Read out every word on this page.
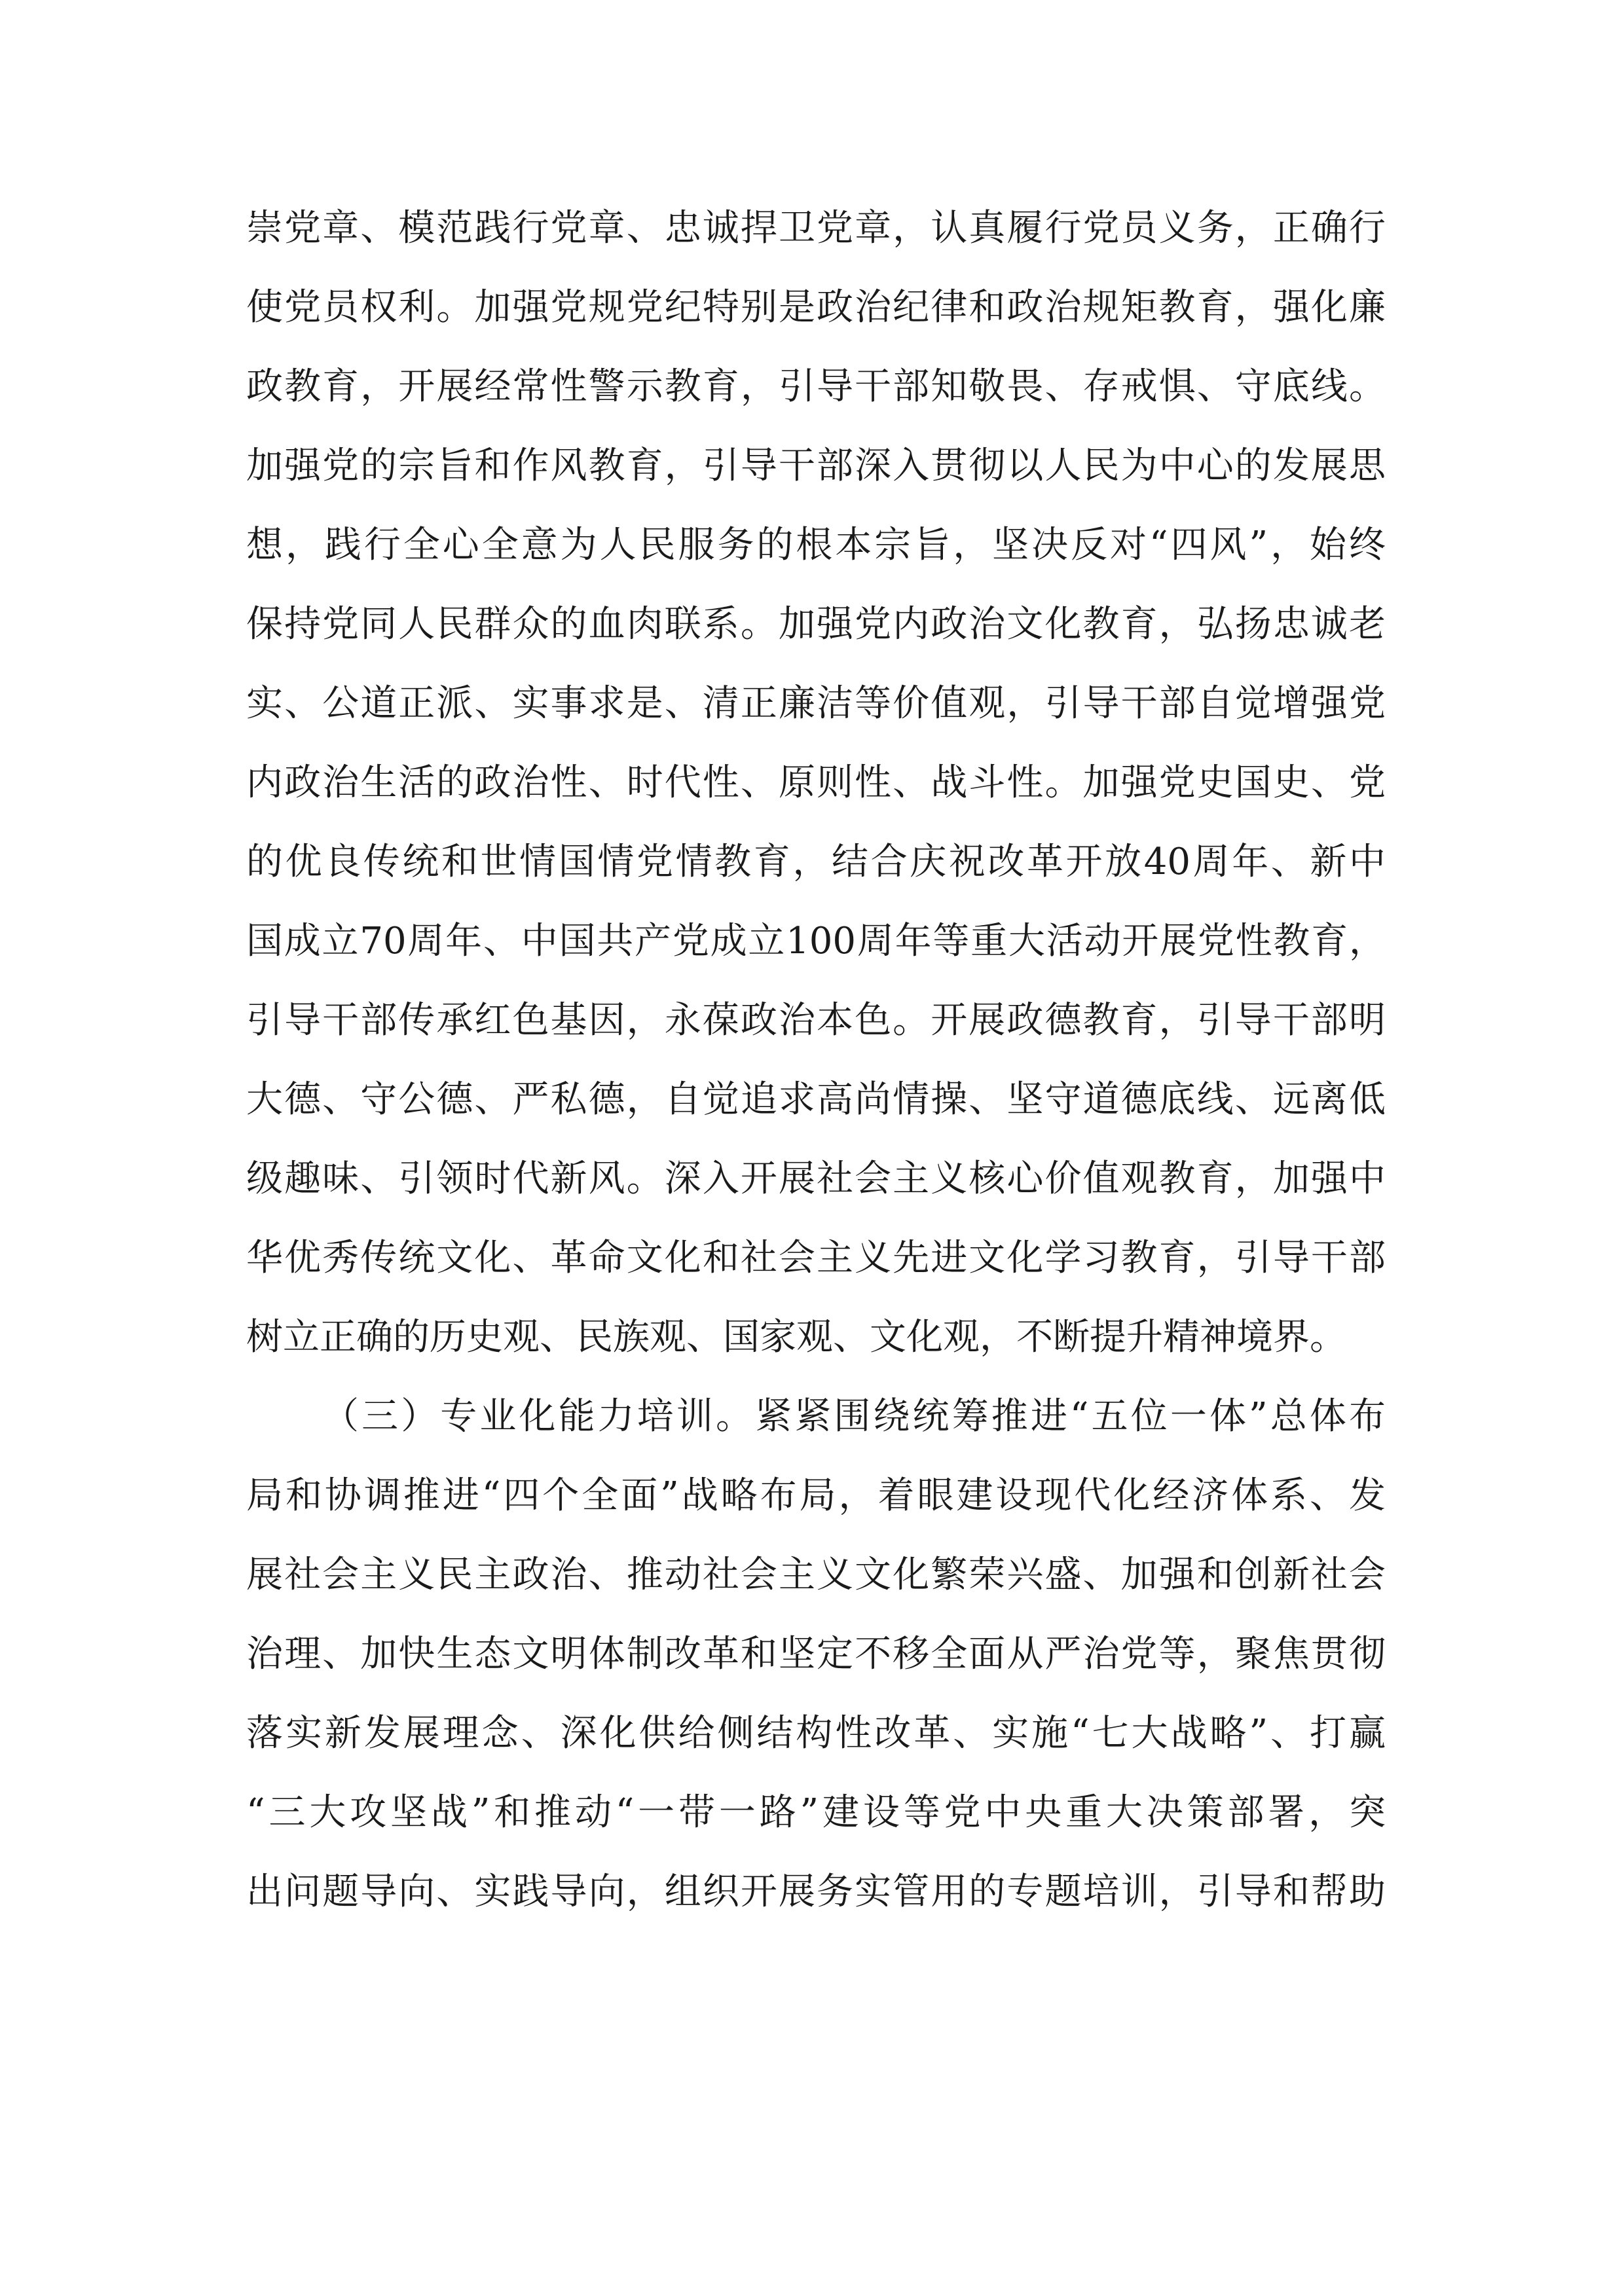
崇党章、模范践行党章、忠诚捍卫党章，认真履行党员义务，正确行
使党员权利。加强党规党纪特别是政治纪律和政治规矩教育，强化廉
政教育，开展经常性警示教育，引导干部知敬畏、存戒惧、守底线。
加强党的宗旨和作风教育，引导干部深入贯彻以人民为中心的发展思
想，践行全心全意为人民服务的根本宗旨，坚决反对“四风”，始终
保持党同人民群众的血肉联系。加强党内政治文化教育，弘扬忠诚老
实、公道正派、实事求是、清正廉洁等价值观，引导干部自觉增强党
内政治生活的政治性、时代性、原则性、战斗性。加强党史国史、党
的优良传统和世情国情党情教育，结合庆祝改革开放40周年、新中
国成立70周年、中国共产党成立100周年等重大活动开展党性教育，
引导干部传承红色基因，永葆政治本色。开展政德教育，引导干部明
大德、守公德、严私德，自觉追求高尚情操、坚守道德底线、远离低
级趣味、引领时代新风。深入开展社会主义核心价值观教育，加强中
华优秀传统文化、革命文化和社会主义先进文化学习教育，引导干部
树立正确的历史观、民族观、国家观、文化观，不断提升精神境界。
（三）专业化能力培训。紧紧围绕统筹推进“五位一体”总体布
局和协调推进“四个全面”战略布局，着眼建设现代化经济体系、发
展社会主义民主政治、推动社会主义文化繁荣兴盛、加强和创新社会
治理、加快生态文明体制改革和坚定不移全面从严治党等，聚焦贯彻
落实新发展理念、深化供给侧结构性改革、实施“七大战略”、打赢
“三大攻坚战”和推动“一带一路”建设等党中央重大决策部署，突
出问题导向、实践导向，组织开展务实管用的专题培训，引导和帮助
